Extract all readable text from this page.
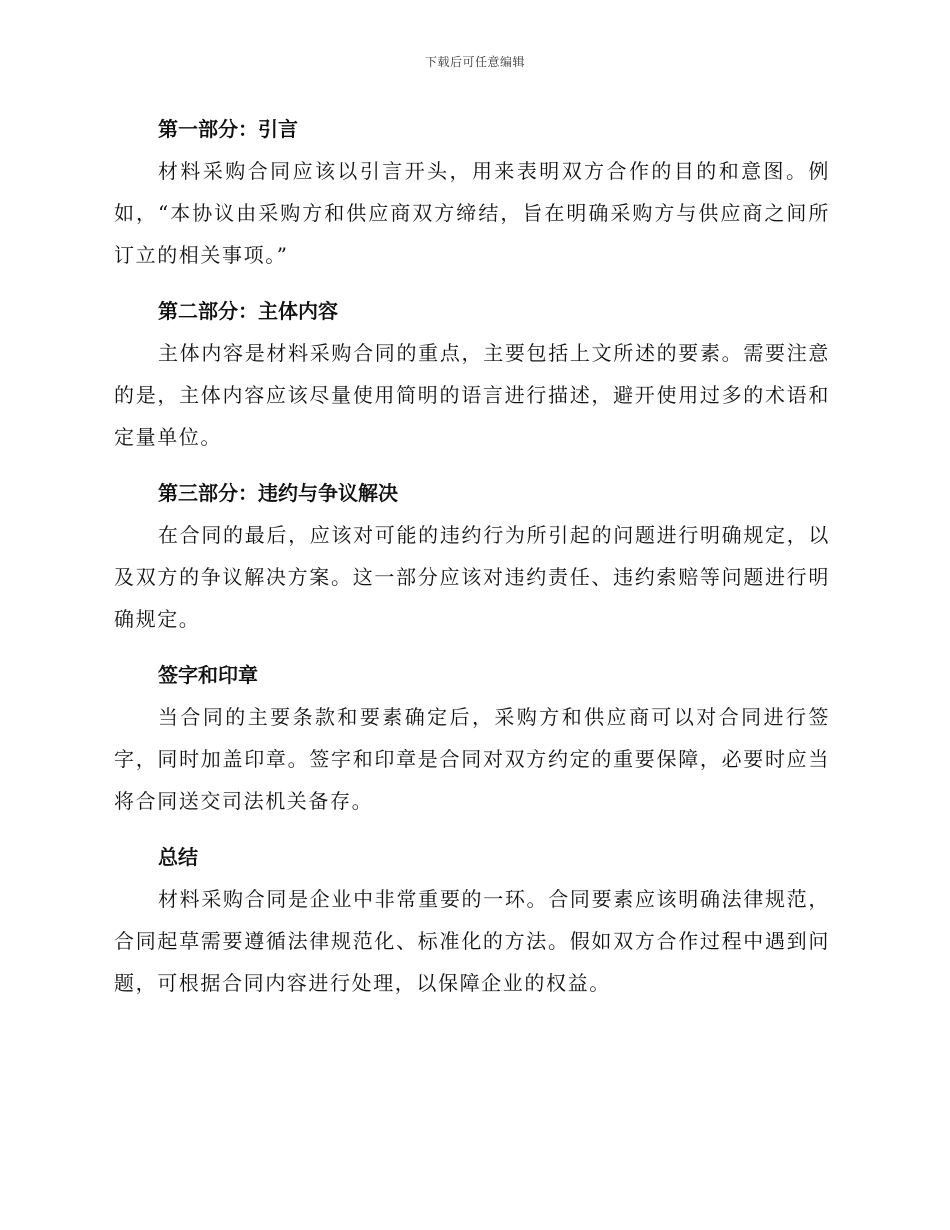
下载后可任意编辑
第一部分：引言

材料采购合同应该以引言开头，用来表明双方合作的目的和意图。例如，“本协议由采购方和供应商双方缔结，旨在明确采购方与供应商之间所订立的相关事项。”

第二部分：主体内容

主体内容是材料采购合同的重点，主要包括上文所述的要素。需要注意的是，主体内容应该尽量使用简明的语言进行描述，避开使用过多的术语和定量单位。

第三部分：违约与争议解决

在合同的最后，应该对可能的违约行为所引起的问题进行明确规定，以及双方的争议解决方案。这一部分应该对违约责任、违约索赔等问题进行明确规定。

签字和印章

当合同的主要条款和要素确定后，采购方和供应商可以对合同进行签字，同时加盖印章。签字和印章是合同对双方约定的重要保障，必要时应当将合同送交司法机关备存。

总结

材料采购合同是企业中非常重要的一环。合同要素应该明确法律规范，合同起草需要遵循法律规范化、标准化的方法。假如双方合作过程中遇到问题，可根据合同内容进行处理，以保障企业的权益。
